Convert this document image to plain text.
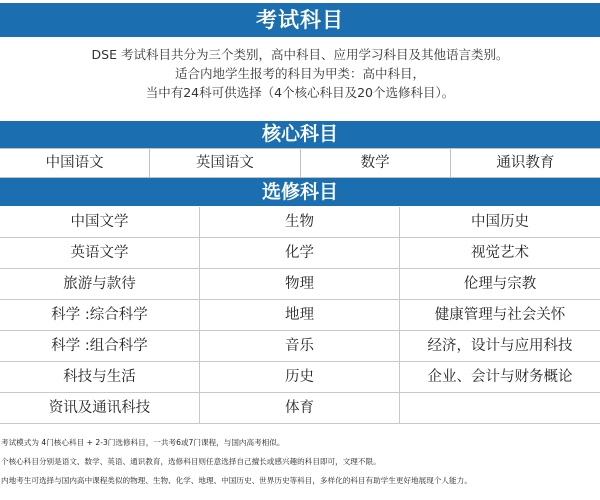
考试科目
DSE 考试科目共分为三个类别，高中科目、应用学习科目及其他语言类别。
适合内地学生报考的科目为甲类：高中科目，
当中有24科可供选择（4个核心科目及20个选修科目）。
核心科目
中国语文	英国语文	数学	通识教育
选修科目
中国文学	生物	中国历史
英语文学	化学	视觉艺术
旅游与款待	物理	伦理与宗教
科学 :综合科学	地理	健康管理与社会关怀
科学 :组合科学	音乐	经济，设计与应用科技
科技与生活	历史	企业、会计与财务概论
资讯及通讯科技	体育
考试模式为 4门核心科目 + 2-3门选修科目，一共考6或7门课程，与国内高考相似。
个核心科目分别是语文、数学、英语、通识教育，选修科目则任意选择自己擅长或感兴趣的科目即可，文理不限。
内地考生可选择与国内高中课程类似的物理、生物、化学、地理、中国历史、世界历史等科目，多样化的科目有助学生更好地展现个人能力。
